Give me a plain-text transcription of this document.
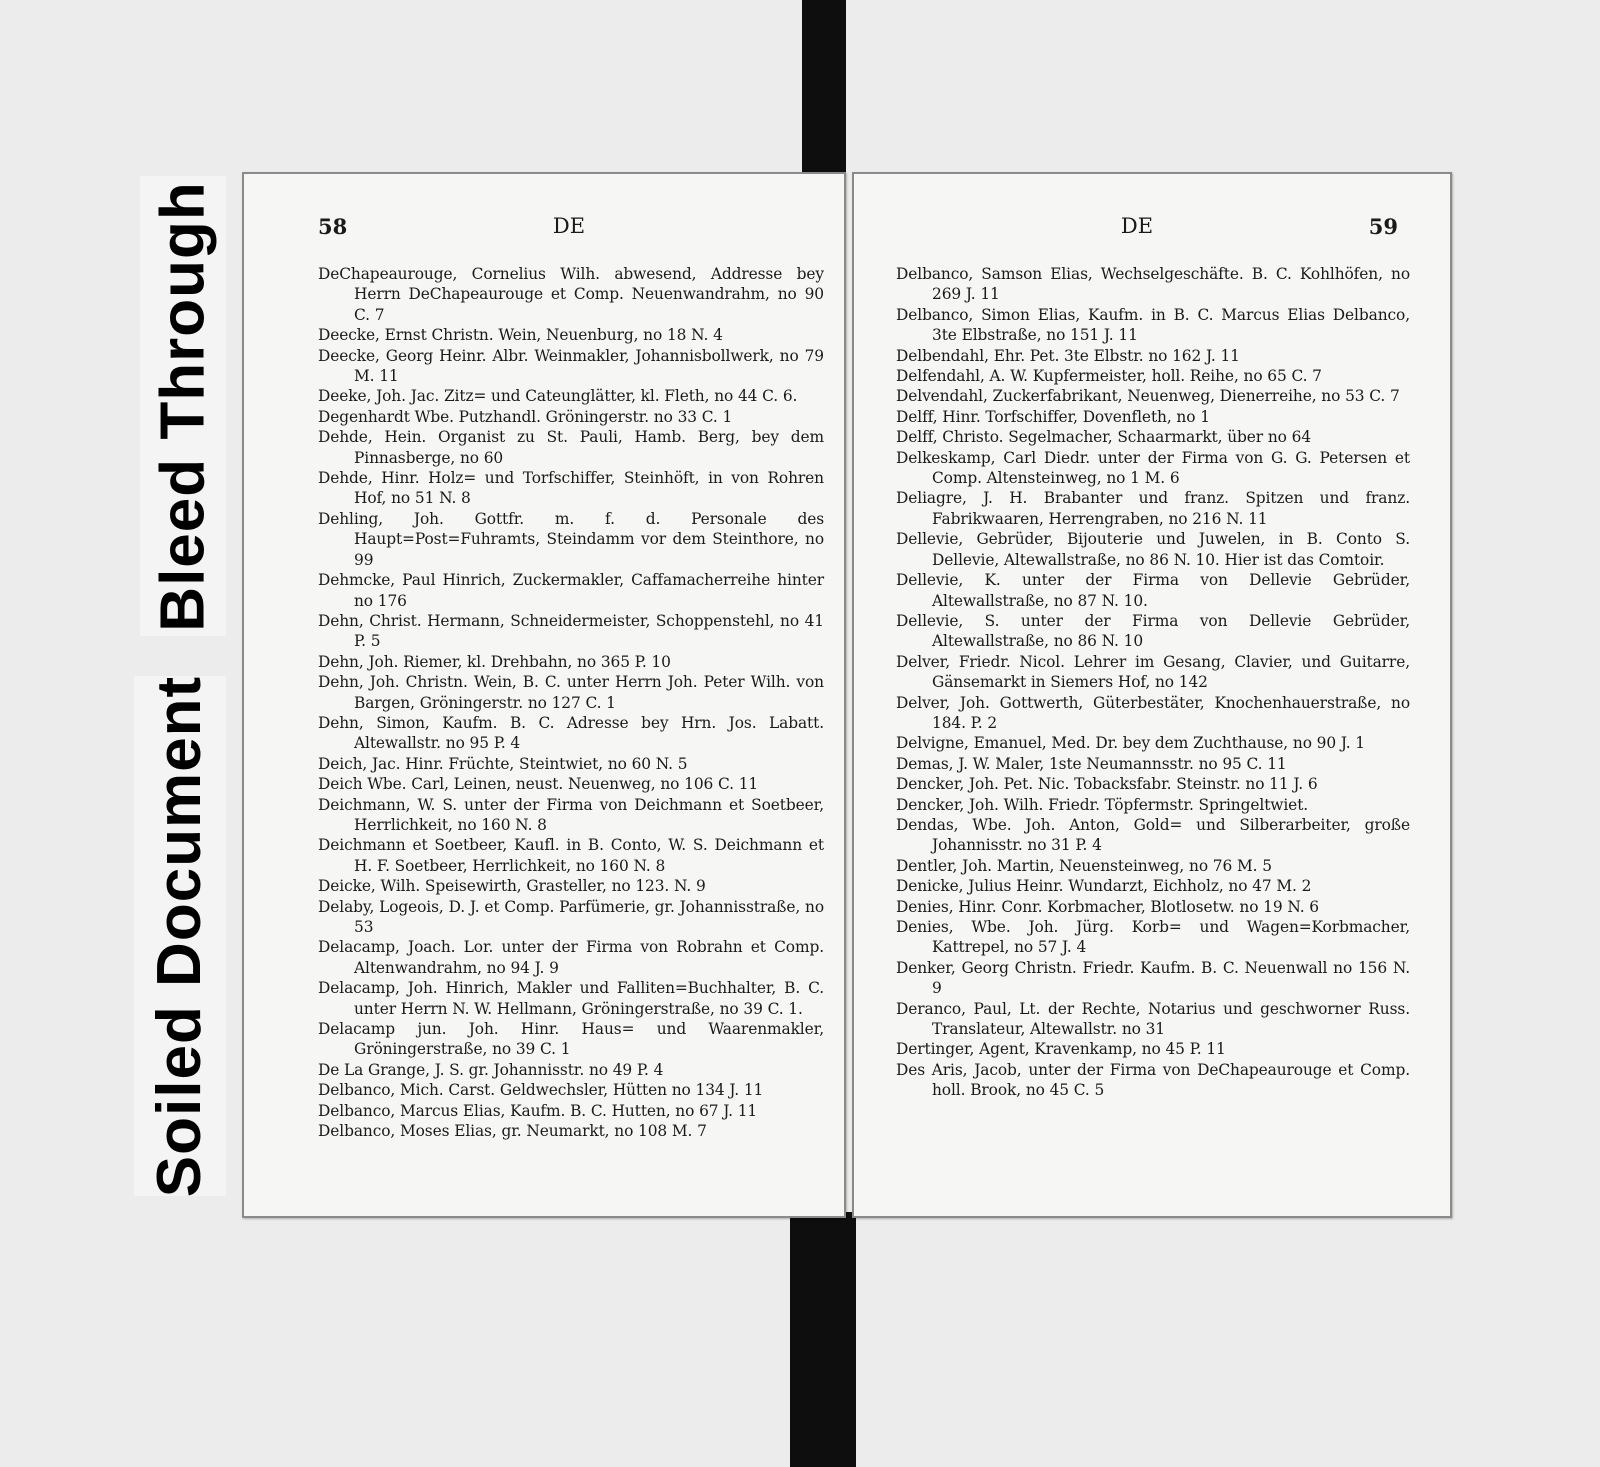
Bleed Through
Soiled Document
58	DE
DeChapeaurouge, Cornelius Wilh. abwesend, Addresse bey Herrn DeChapeaurouge et Comp. Neuenwandrahm, no 90 C. 7
Deecke, Ernst Christn. Wein, Neuenburg, no 18 N. 4
Deecke, Georg Heinr. Albr. Weinmakler, Johannisbollwerk, no 79 M. 11
Deeke, Joh. Jac. Zitz= und Cateunglätter, kl. Fleth, no 44 C. 6.
Degenhardt Wbe. Putzhandl. Gröningerstr. no 33 C. 1
Dehde, Hein. Organist zu St. Pauli, Hamb. Berg, bey dem Pinnasberge, no 60
Dehde, Hinr. Holz= und Torfschiffer, Steinhöft, in von Rohren Hof, no 51 N. 8
Dehling, Joh. Gottfr. m. f. d. Personale des Haupt=Post=Fuhramts, Steindamm vor dem Steinthore, no 99
Dehmcke, Paul Hinrich, Zuckermakler, Caffamacherreihe hinter no 176
Dehn, Christ. Hermann, Schneidermeister, Schoppenstehl, no 41 P. 5
Dehn, Joh. Riemer, kl. Drehbahn, no 365 P. 10
Dehn, Joh. Christn. Wein, B. C. unter Herrn Joh. Peter Wilh. von Bargen, Gröningerstr. no 127 C. 1
Dehn, Simon, Kaufm. B. C. Adresse bey Hrn. Jos. Labatt. Altewallstr. no 95 P. 4
Deich, Jac. Hinr. Früchte, Steintwiet, no 60 N. 5
Deich Wbe. Carl, Leinen, neust. Neuenweg, no 106 C. 11
Deichmann, W. S. unter der Firma von Deichmann et Soetbeer, Herrlichkeit, no 160 N. 8
Deichmann et Soetbeer, Kaufl. in B. Conto, W. S. Deichmann et H. F. Soetbeer, Herrlichkeit, no 160 N. 8
Deicke, Wilh. Speisewirth, Grasteller, no 123. N. 9
Delaby, Logeois, D. J. et Comp. Parfümerie, gr. Johannisstraße, no 53
Delacamp, Joach. Lor. unter der Firma von Robrahn et Comp. Altenwandrahm, no 94 J. 9
Delacamp, Joh. Hinrich, Makler und Falliten=Buchhalter, B. C. unter Herrn N. W. Hellmann, Gröningerstraße, no 39 C. 1.
Delacamp jun. Joh. Hinr. Haus= und Waarenmakler, Gröningerstraße, no 39 C. 1
De La Grange, J. S. gr. Johannisstr. no 49 P. 4
Delbanco, Mich. Carst. Geldwechsler, Hütten no 134 J. 11
Delbanco, Marcus Elias, Kaufm. B. C. Hutten, no 67 J. 11
Delbanco, Moses Elias, gr. Neumarkt, no 108 M. 7
DE	59
Delbanco, Samson Elias, Wechselgeschäfte. B. C. Kohlhöfen, no 269 J. 11
Delbanco, Simon Elias, Kaufm. in B. C. Marcus Elias Delbanco, 3te Elbstraße, no 151 J. 11
Delbendahl, Ehr. Pet. 3te Elbstr. no 162 J. 11
Delfendahl, A. W. Kupfermeister, holl. Reihe, no 65 C. 7
Delvendahl, Zuckerfabrikant, Neuenweg, Dienerreihe, no 53 C. 7
Delff, Hinr. Torfschiffer, Dovenfleth, no 1
Delff, Christo. Segelmacher, Schaarmarkt, über no 64
Delkeskamp, Carl Diedr. unter der Firma von G. G. Petersen et Comp. Altensteinweg, no 1 M. 6
Deliagre, J. H. Brabanter und franz. Spitzen und franz. Fabrikwaaren, Herrengraben, no 216 N. 11
Dellevie, Gebrüder, Bijouterie und Juwelen, in B. Conto S. Dellevie, Altewallstraße, no 86 N. 10. Hier ist das Comtoir.
Dellevie, K. unter der Firma von Dellevie Gebrüder, Altewallstraße, no 87 N. 10.
Dellevie, S. unter der Firma von Dellevie Gebrüder, Altewallstraße, no 86 N. 10
Delver, Friedr. Nicol. Lehrer im Gesang, Clavier, und Guitarre, Gänsemarkt in Siemers Hof, no 142
Delver, Joh. Gottwerth, Güterbestäter, Knochenhauerstraße, no 184. P. 2
Delvigne, Emanuel, Med. Dr. bey dem Zuchthause, no 90 J. 1
Demas, J. W. Maler, 1ste Neumannsstr. no 95 C. 11
Dencker, Joh. Pet. Nic. Tobacksfabr. Steinstr. no 11 J. 6
Dencker, Joh. Wilh. Friedr. Töpfermstr. Springeltwiet.
Dendas, Wbe. Joh. Anton, Gold= und Silberarbeiter, große Johannisstr. no 31 P. 4
Dentler, Joh. Martin, Neuensteinweg, no 76 M. 5
Denicke, Julius Heinr. Wundarzt, Eichholz, no 47 M. 2
Denies, Hinr. Conr. Korbmacher, Blotlosetw. no 19 N. 6
Denies, Wbe. Joh. Jürg. Korb= und Wagen=Korbmacher, Kattrepel, no 57 J. 4
Denker, Georg Christn. Friedr. Kaufm. B. C. Neuenwall no 156 N. 9
Deranco, Paul, Lt. der Rechte, Notarius und geschworner Russ. Translateur, Altewallstr. no 31
Dertinger, Agent, Kravenkamp, no 45 P. 11
Des Aris, Jacob, unter der Firma von DeChapeaurouge et Comp. holl. Brook, no 45 C. 5
